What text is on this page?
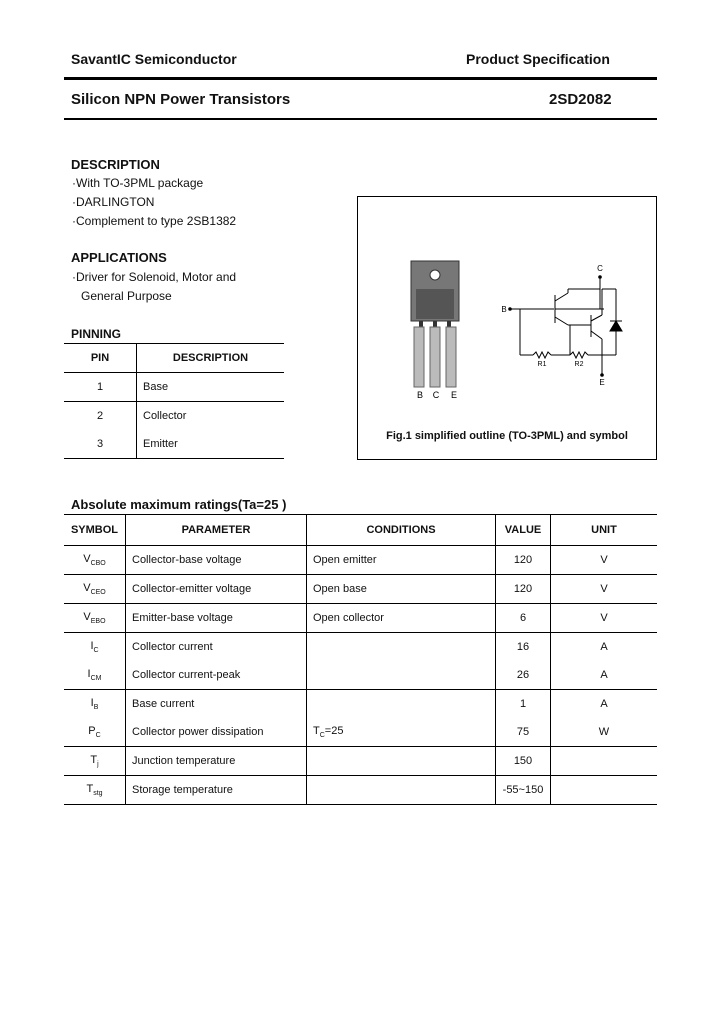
SavantIC Semiconductor	Product Specification
Silicon NPN Power Transistors	2SD2082
DESCRIPTION
·With TO-3PML package
·DARLINGTON
·Complement to type 2SB1382
APPLICATIONS
·Driver for Solenoid, Motor and
General Purpose
PINNING
PIN	DESCRIPTION
1	Base
2	Collector
3	Emitter
B C E
C
B
E
R1	R2
Fig.1 simplified outline (TO-3PML) and symbol
Absolute maximum ratings(Ta=25 )
SYMBOL	PARAMETER	CONDITIONS	VALUE	UNIT
$V_{CBO}$	Collector-base voltage	Open emitter	120	V
$V_{CEO}$	Collector-emitter voltage	Open base	120	V
$V_{EBO}$	Emitter-base voltage	Open collector	6	V
$I_C$	Collector current		16	A
$I_{CM}$	Collector current-peak		26	A
$I_B$	Base current		1	A
$P_C$	Collector power dissipation	$T_C=25$	75	W
$T_j$	Junction temperature		150	
$T_{stg}$	Storage temperature		-55~150	
